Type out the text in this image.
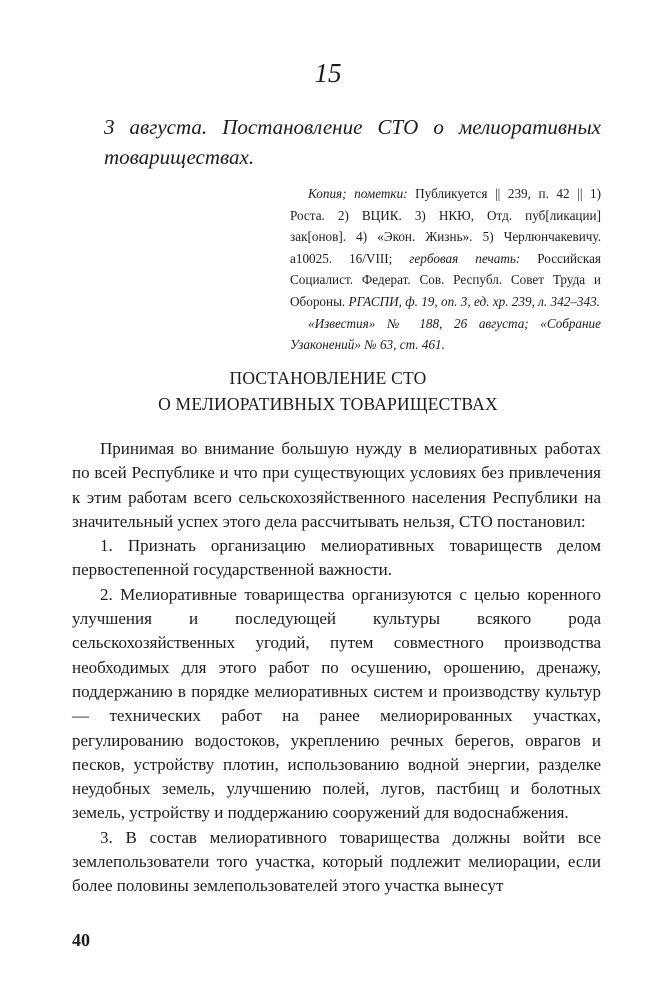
15
3 августа. Постановление СТО о мелиоративных товариществах.

Копия; пометки: Публикуется || 239, п. 42 || 1) Роста. 2) ВЦИК. 3) НКЮ, Отд. пуб[ликации] зак[онов]. 4) «Экон. Жизнь». 5) Черлюнчакевичу. а10025. 16/VIII; гербовая печать: Российская Социалист. Федерат. Сов. Республ. Совет Труда и Обороны. РГАСПИ, ф. 19, оп. 3, ед. хр. 239, л. 342–343.

«Известия» № 188, 26 августа; «Собрание Узаконений» № 63, ст. 461.

ПОСТАНОВЛЕНИЕ СТО
О МЕЛИОРАТИВНЫХ ТОВАРИЩЕСТВАХ

Принимая во внимание большую нужду в мелиоративных работах по всей Республике и что при существующих условиях без привлечения к этим работам всего сельскохозяйственного населения Республики на значительный успех этого дела рассчитывать нельзя, СТО постановил:

1. Признать организацию мелиоративных товариществ делом первостепенной государственной важности.

2. Мелиоративные товарищества организуются с целью коренного улучшения и последующей культуры всякого рода сельскохозяйственных угодий, путем совместного производства необходимых для этого работ по осушению, орошению, дренажу, поддержанию в порядке мелиоративных систем и производству культур — технических работ на ранее мелиорированных участках, регулированию водостоков, укреплению речных берегов, оврагов и песков, устройству плотин, использованию водной энергии, разделке неудобных земель, улучшению полей, лугов, пастбищ и болотных земель, устройству и поддержанию сооружений для водоснабжения.

3. В состав мелиоративного товарищества должны войти все землепользователи того участка, который подлежит мелиорации, если более половины землепользователей этого участка вынесут

40
